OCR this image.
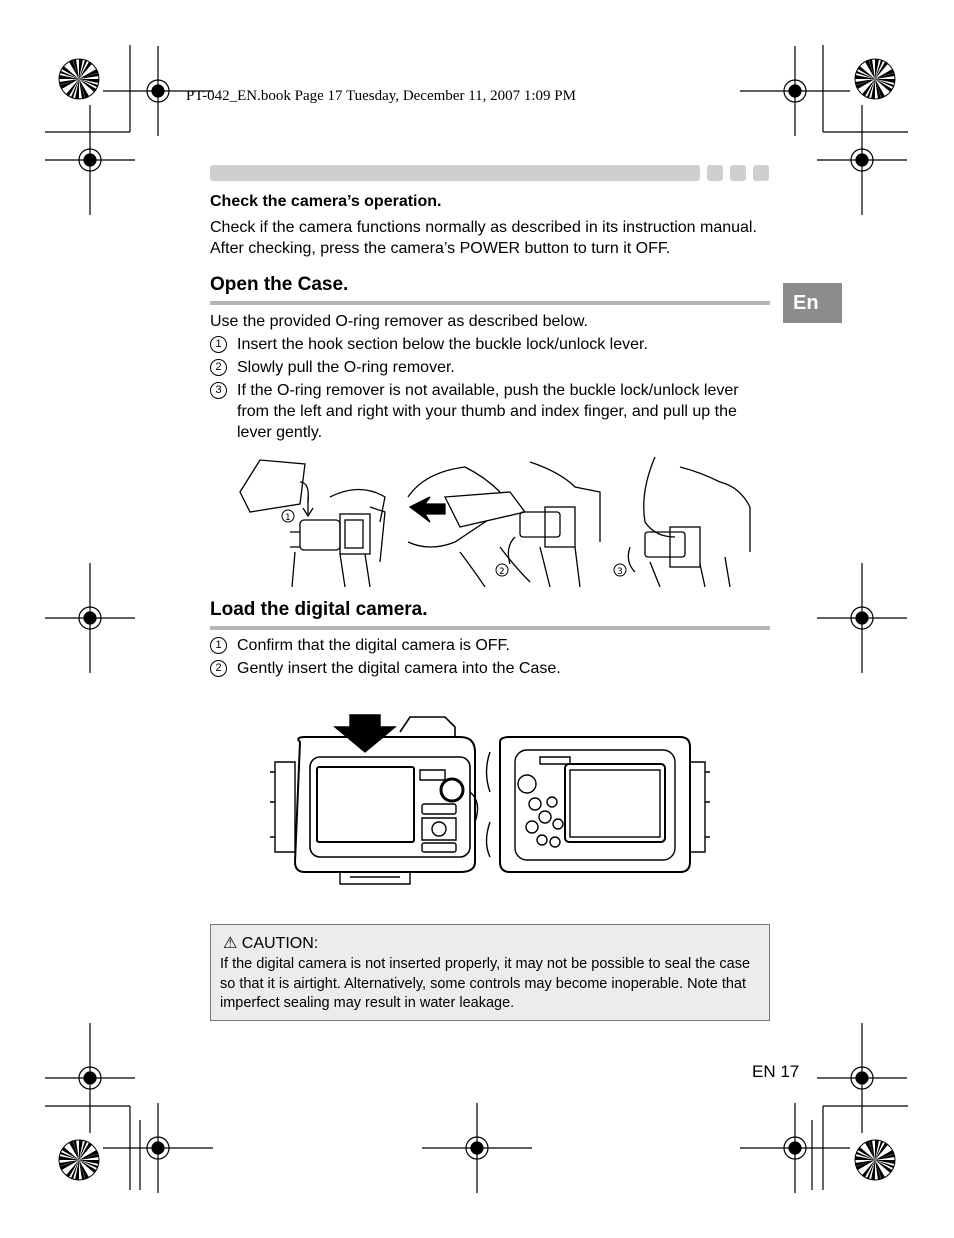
PT-042_EN.book Page 17 Tuesday, December 11, 2007 1:09 PM
En
Check the camera’s operation.
Check if the camera functions normally as described in its instruction manual. After checking, press the camera’s POWER button to turn it OFF.
Open the Case.
Use the provided O-ring remover as described below.
1 Insert the hook section below the buckle lock/unlock lever.
2 Slowly pull the O-ring remover.
3 If the O-ring remover is not available, push the buckle lock/unlock lever from the left and right with your thumb and index finger, and pull up the lever gently.
1
2	3
Load the digital camera.
1 Confirm that the digital camera is OFF.
2 Gently insert the digital camera into the Case.
⚠ CAUTION:
If the digital camera is not inserted properly, it may not be possible to seal the case so that it is airtight. Alternatively, some controls may become inoperable. Note that imperfect sealing may result in water leakage.
EN 17
